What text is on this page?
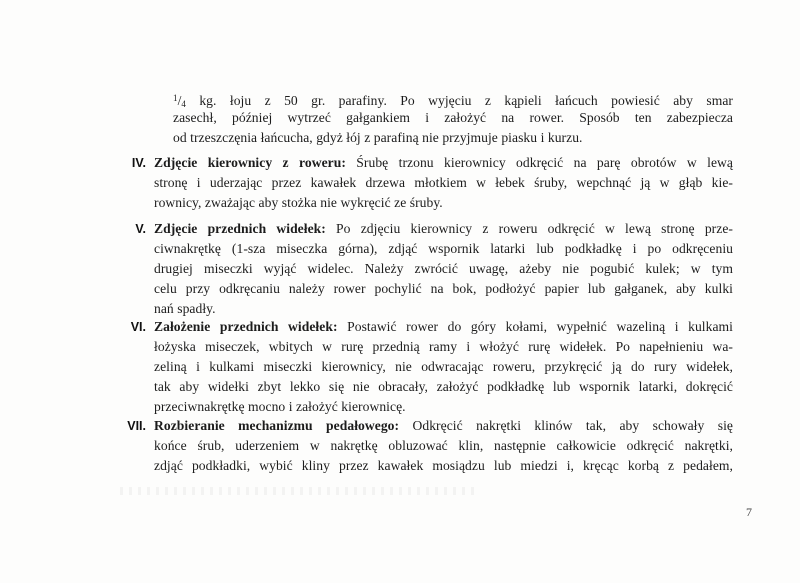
$^1/_4$ kg. łoju z 50 gr. parafiny. Po wyjęciu z kąpieli łańcuch powiesić aby smar
zasechł, później wytrzeć gałgankiem i założyć na rower. Sposób ten zabezpiecza
od trzeszczęnia łańcucha, gdyż łój z parafiną nie przyjmuje piasku i kurzu.
IV. Zdjęcie kierownicy z roweru: Śrubę trzonu kierownicy odkręcić na parę obrotów w lewą
stronę i uderzając przez kawałek drzewa młotkiem w łebek śruby, wepchnąć ją w głąb kie-
rownicy, zważając aby stożka nie wykręcić ze śruby.
V. Zdjęcie przednich widełek: Po zdjęciu kierownicy z roweru odkręcić w lewą stronę prze-
ciwnakrętkę (1-sza miseczka górna), zdjąć wspornik latarki lub podkładkę i po odkręceniu
drugiej miseczki wyjąć widelec. Należy zwrócić uwagę, ażeby nie pogubić kulek; w tym
celu przy odkręcaniu należy rower pochylić na bok, podłożyć papier lub gałganek, aby kulki
nań spadły.
VI. Założenie przednich widełek: Postawić rower do góry kołami, wypełnić wazeliną i kulkami
łożyska miseczek, wbitych w rurę przednią ramy i włożyć rurę widełek. Po napełnieniu wa-
zeliną i kulkami miseczki kierownicy, nie odwracając roweru, przykręcić ją do rury widełek,
tak aby widełki zbyt lekko się nie obracały, założyć podkładkę lub wspornik latarki, dokręcić
przeciwnakrętkę mocno i założyć kierownicę.
VII. Rozbieranie mechanizmu pedałowego: Odkręcić nakrętki klinów tak, aby schowały się
końce śrub, uderzeniem w nakrętkę obluzować klin, następnie całkowicie odkręcić nakrętki,
zdjąć podkładki, wybić kliny przez kawałek mosiądzu lub miedzi i, kręcąc korbą z pedałem,
7
